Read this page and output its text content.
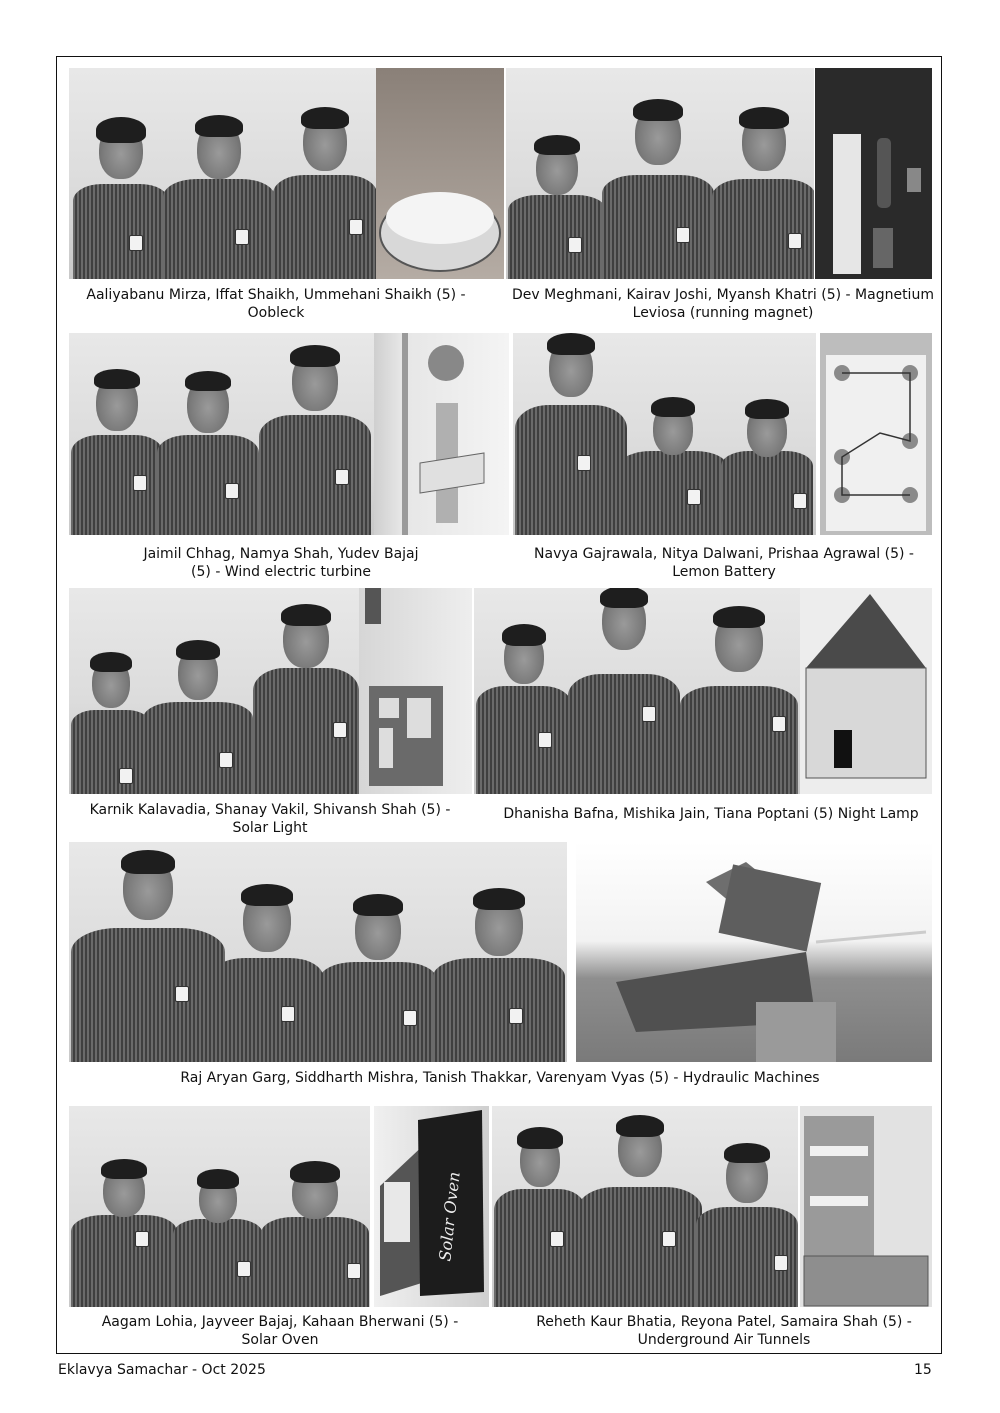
Aaliyabanu Mirza, Iffat Shaikh, Ummehani Shaikh (5) - Oobleck
Dev Meghmani, Kairav Joshi, Myansh Khatri (5) - Magnetium Leviosa (running magnet)
Jaimil Chhag, Namya Shah, Yudev Bajaj (5) - Wind electric turbine
Navya Gajrawala, Nitya Dalwani, Prishaa Agrawal (5) - Lemon Battery
Karnik Kalavadia, Shanay Vakil, Shivansh Shah (5) - Solar Light
Dhanisha Bafna, Mishika Jain, Tiana Poptani (5) Night Lamp
Raj Aryan Garg, Siddharth Mishra, Tanish Thakkar, Varenyam Vyas (5) - Hydraulic Machines
Solar Oven
Aagam Lohia, Jayveer Bajaj, Kahaan Bherwani (5) - Solar Oven
Reheth Kaur Bhatia, Reyona Patel, Samaira Shah (5) - Underground Air Tunnels
Eklavya Samachar - Oct 2025	15
